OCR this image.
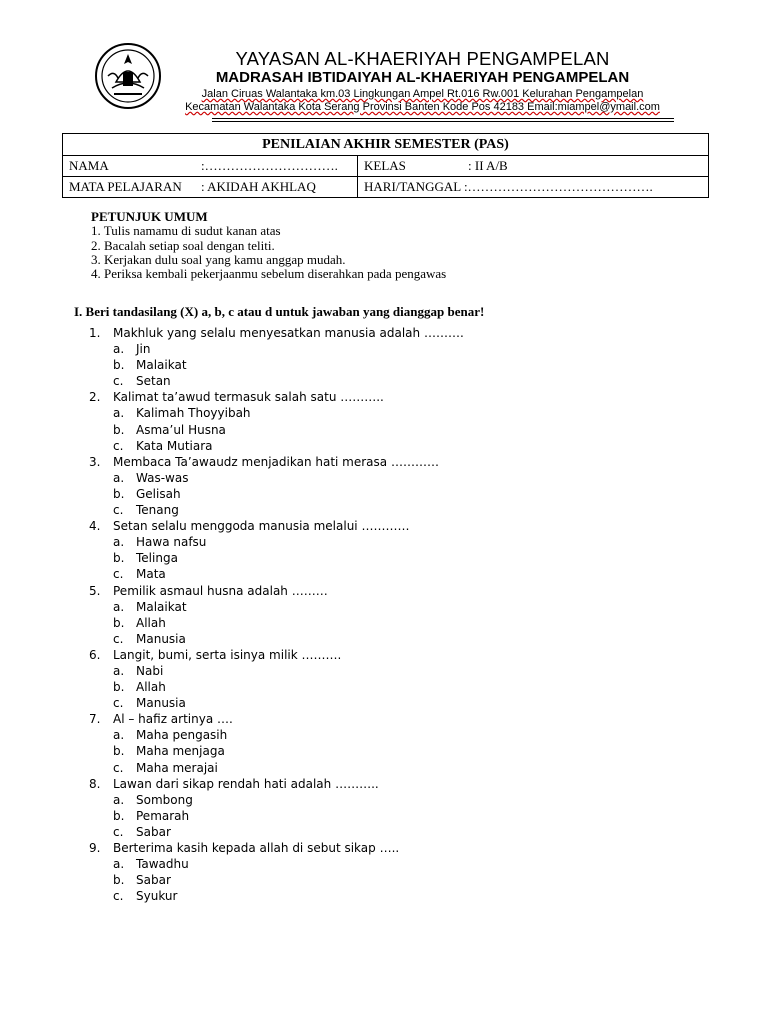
YAYASAN AL-KHAERIYAH PENGAMPELAN
MADRASAH IBTIDAIYAH AL-KHAERIYAH PENGAMPELAN
Jalan Ciruas Walantaka km.03 Lingkungan Ampel Rt.016 Rw.001 Kelurahan Pengampelan
Kecamatan Walantaka Kota Serang Provinsi Banten Kode Pos 42183 Email:miampel@ymail.com
PENILAIAN AKHIR SEMESTER (PAS)	
NAMA :………………………….	KELAS : II A/B
MATA PELAJARAN : AKIDAH AKHLAQ	HARI/TANGGAL :…………………………………….
PETUNJUK UMUM
1. Tulis namamu di sudut kanan atas
2. Bacalah setiap soal dengan teliti.
3. Kerjakan dulu soal yang kamu anggap mudah.
4. Periksa kembali pekerjaanmu sebelum diserahkan pada pengawas
I. Beri tandasilang (X) a, b, c atau d untuk jawaban yang dianggap benar!
1. Makhluk yang selalu menyesatkan manusia adalah ……….
a. Jin
b. Malaikat
c. Setan
2. Kalimat ta’awud termasuk salah satu ………..
a. Kalimah Thoyyibah
b. Asma’ul Husna
c. Kata Mutiara
3. Membaca Ta’awaudz menjadikan hati merasa …………
a. Was-was
b. Gelisah
c. Tenang
4. Setan selalu menggoda manusia melalui …………
a. Hawa nafsu
b. Telinga
c. Mata
5. Pemilik asmaul husna adalah ………
a. Malaikat
b. Allah
c. Manusia
6. Langit, bumi, serta isinya milik ……….
a. Nabi
b. Allah
c. Manusia
7. Al – hafiz artinya ….
a. Maha pengasih
b. Maha menjaga
c. Maha merajai
8. Lawan dari sikap rendah hati adalah ………..
a. Sombong
b. Pemarah
c. Sabar
9. Berterima kasih kepada allah di sebut sikap …..
a. Tawadhu
b. Sabar
c. Syukur
